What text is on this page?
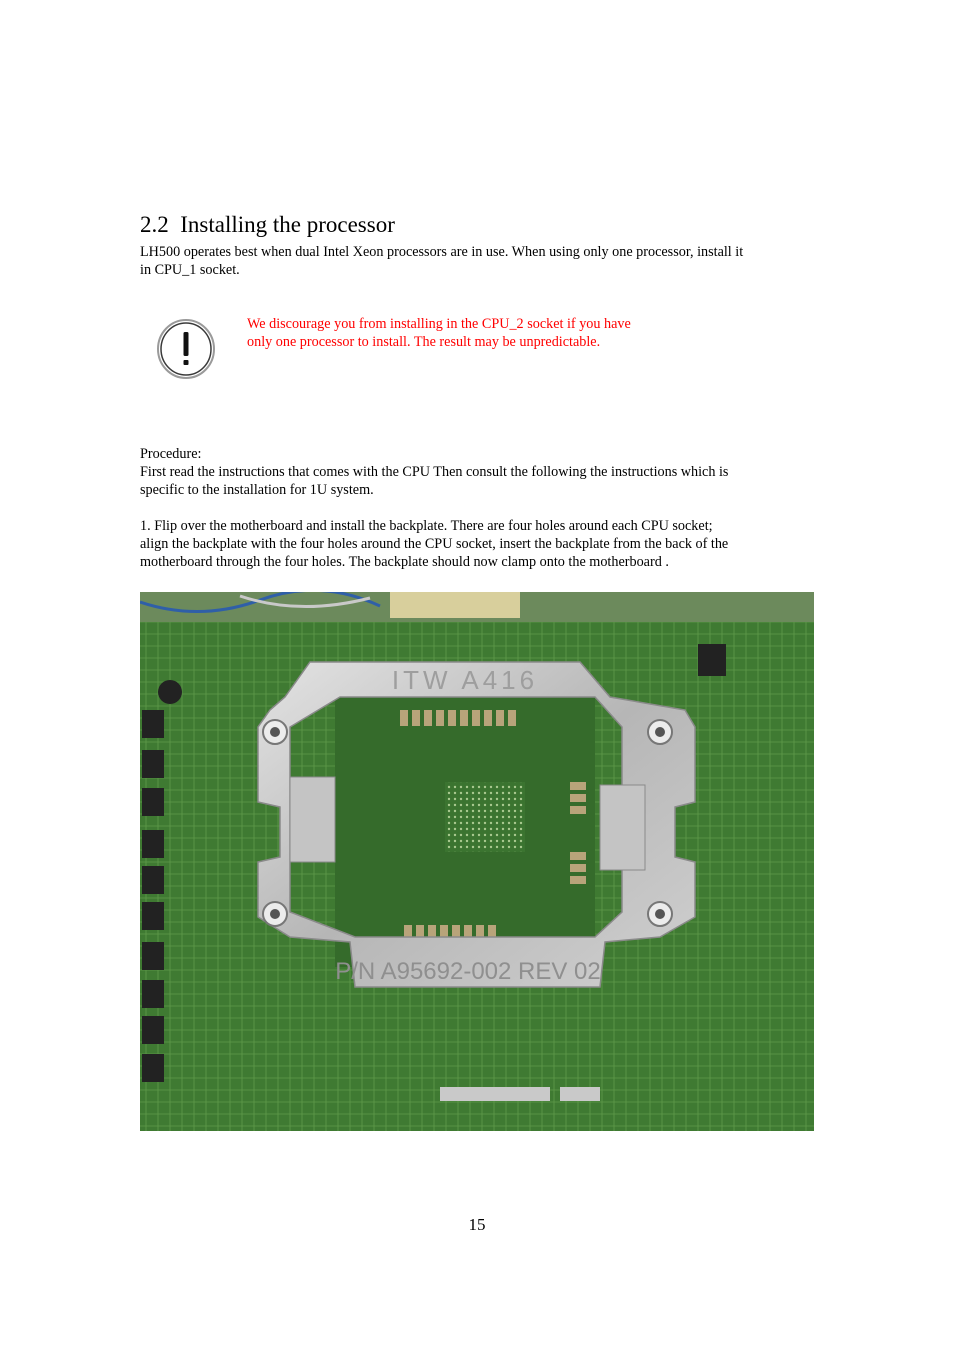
2.2 Installing the processor
LH500 operates best when dual Intel Xeon processors are in use. When using only one processor, install it
in CPU_1 socket.
We discourage you from installing in the CPU_2 socket if you have
only one processor to install. The result may be unpredictable.
Procedure:
First read the instructions that comes with the CPU Then consult the following the instructions which is
specific to the installation for 1U system.
1. Flip over the motherboard and install the backplate. There are four holes around each CPU socket;
align the backplate with the four holes around the CPU socket, insert the backplate from the back of the
motherboard through the four holes. The backplate should now clamp onto the motherboard .
ITW A416
P/N A95692-002 REV 02
15
